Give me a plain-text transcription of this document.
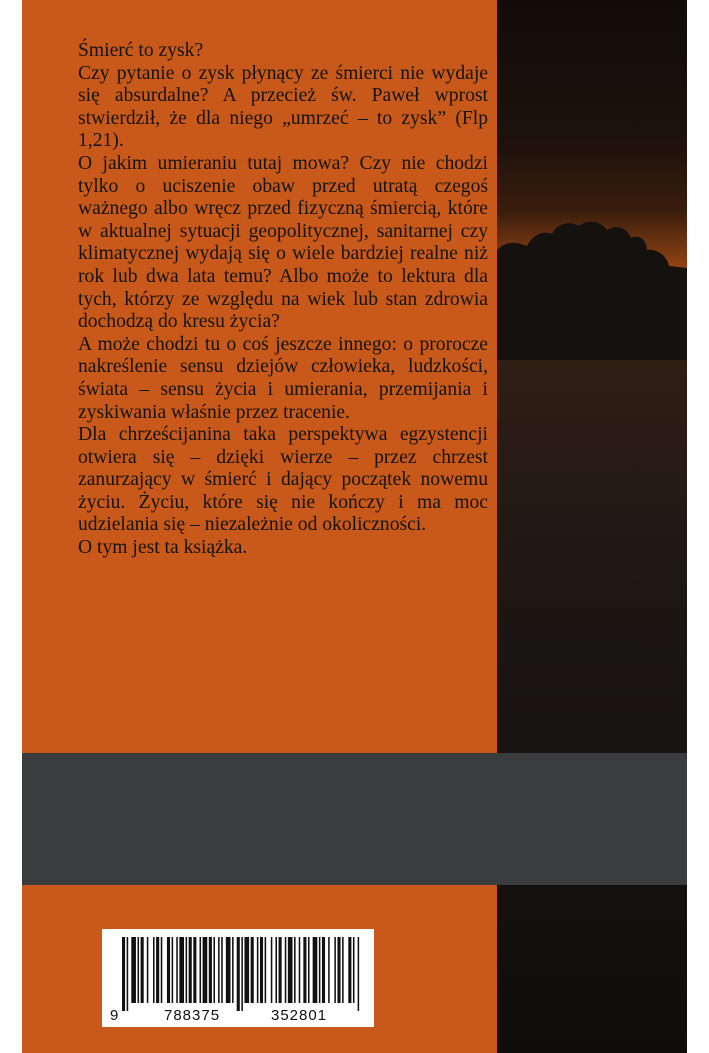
Śmierć to zysk?

Czy pytanie o zysk płynący ze śmierci nie wydaje się absurdalne? A przecież św. Paweł wprost stwierdził, że dla niego „umrzeć – to zysk” (Flp 1,21).

O jakim umieraniu tutaj mowa? Czy nie chodzi tylko o uciszenie obaw przed utratą czegoś ważnego albo wręcz przed fizyczną śmiercią, które w aktualnej sytuacji geopolitycznej, sanitarnej czy klimatycznej wydają się o wiele bardziej realne niż rok lub dwa lata temu? Albo może to lektura dla tych, którzy ze względu na wiek lub stan zdrowia dochodzą do kresu życia?

A może chodzi tu o coś jeszcze innego: o prorocze nakreślenie sensu dziejów człowieka, ludzkości, świata – sensu życia i umierania, przemijania i zyskiwania właśnie przez tracenie.

Dla chrześcijanina taka perspektywa egzystencji otwiera się – dzięki wierze – przez chrzest zanurzający w śmierć i dający początek nowemu życiu. Życiu, które się nie kończy i ma moc udzielania się – niezależnie od okoliczności.

O tym jest ta książka.

9	788375	352801
